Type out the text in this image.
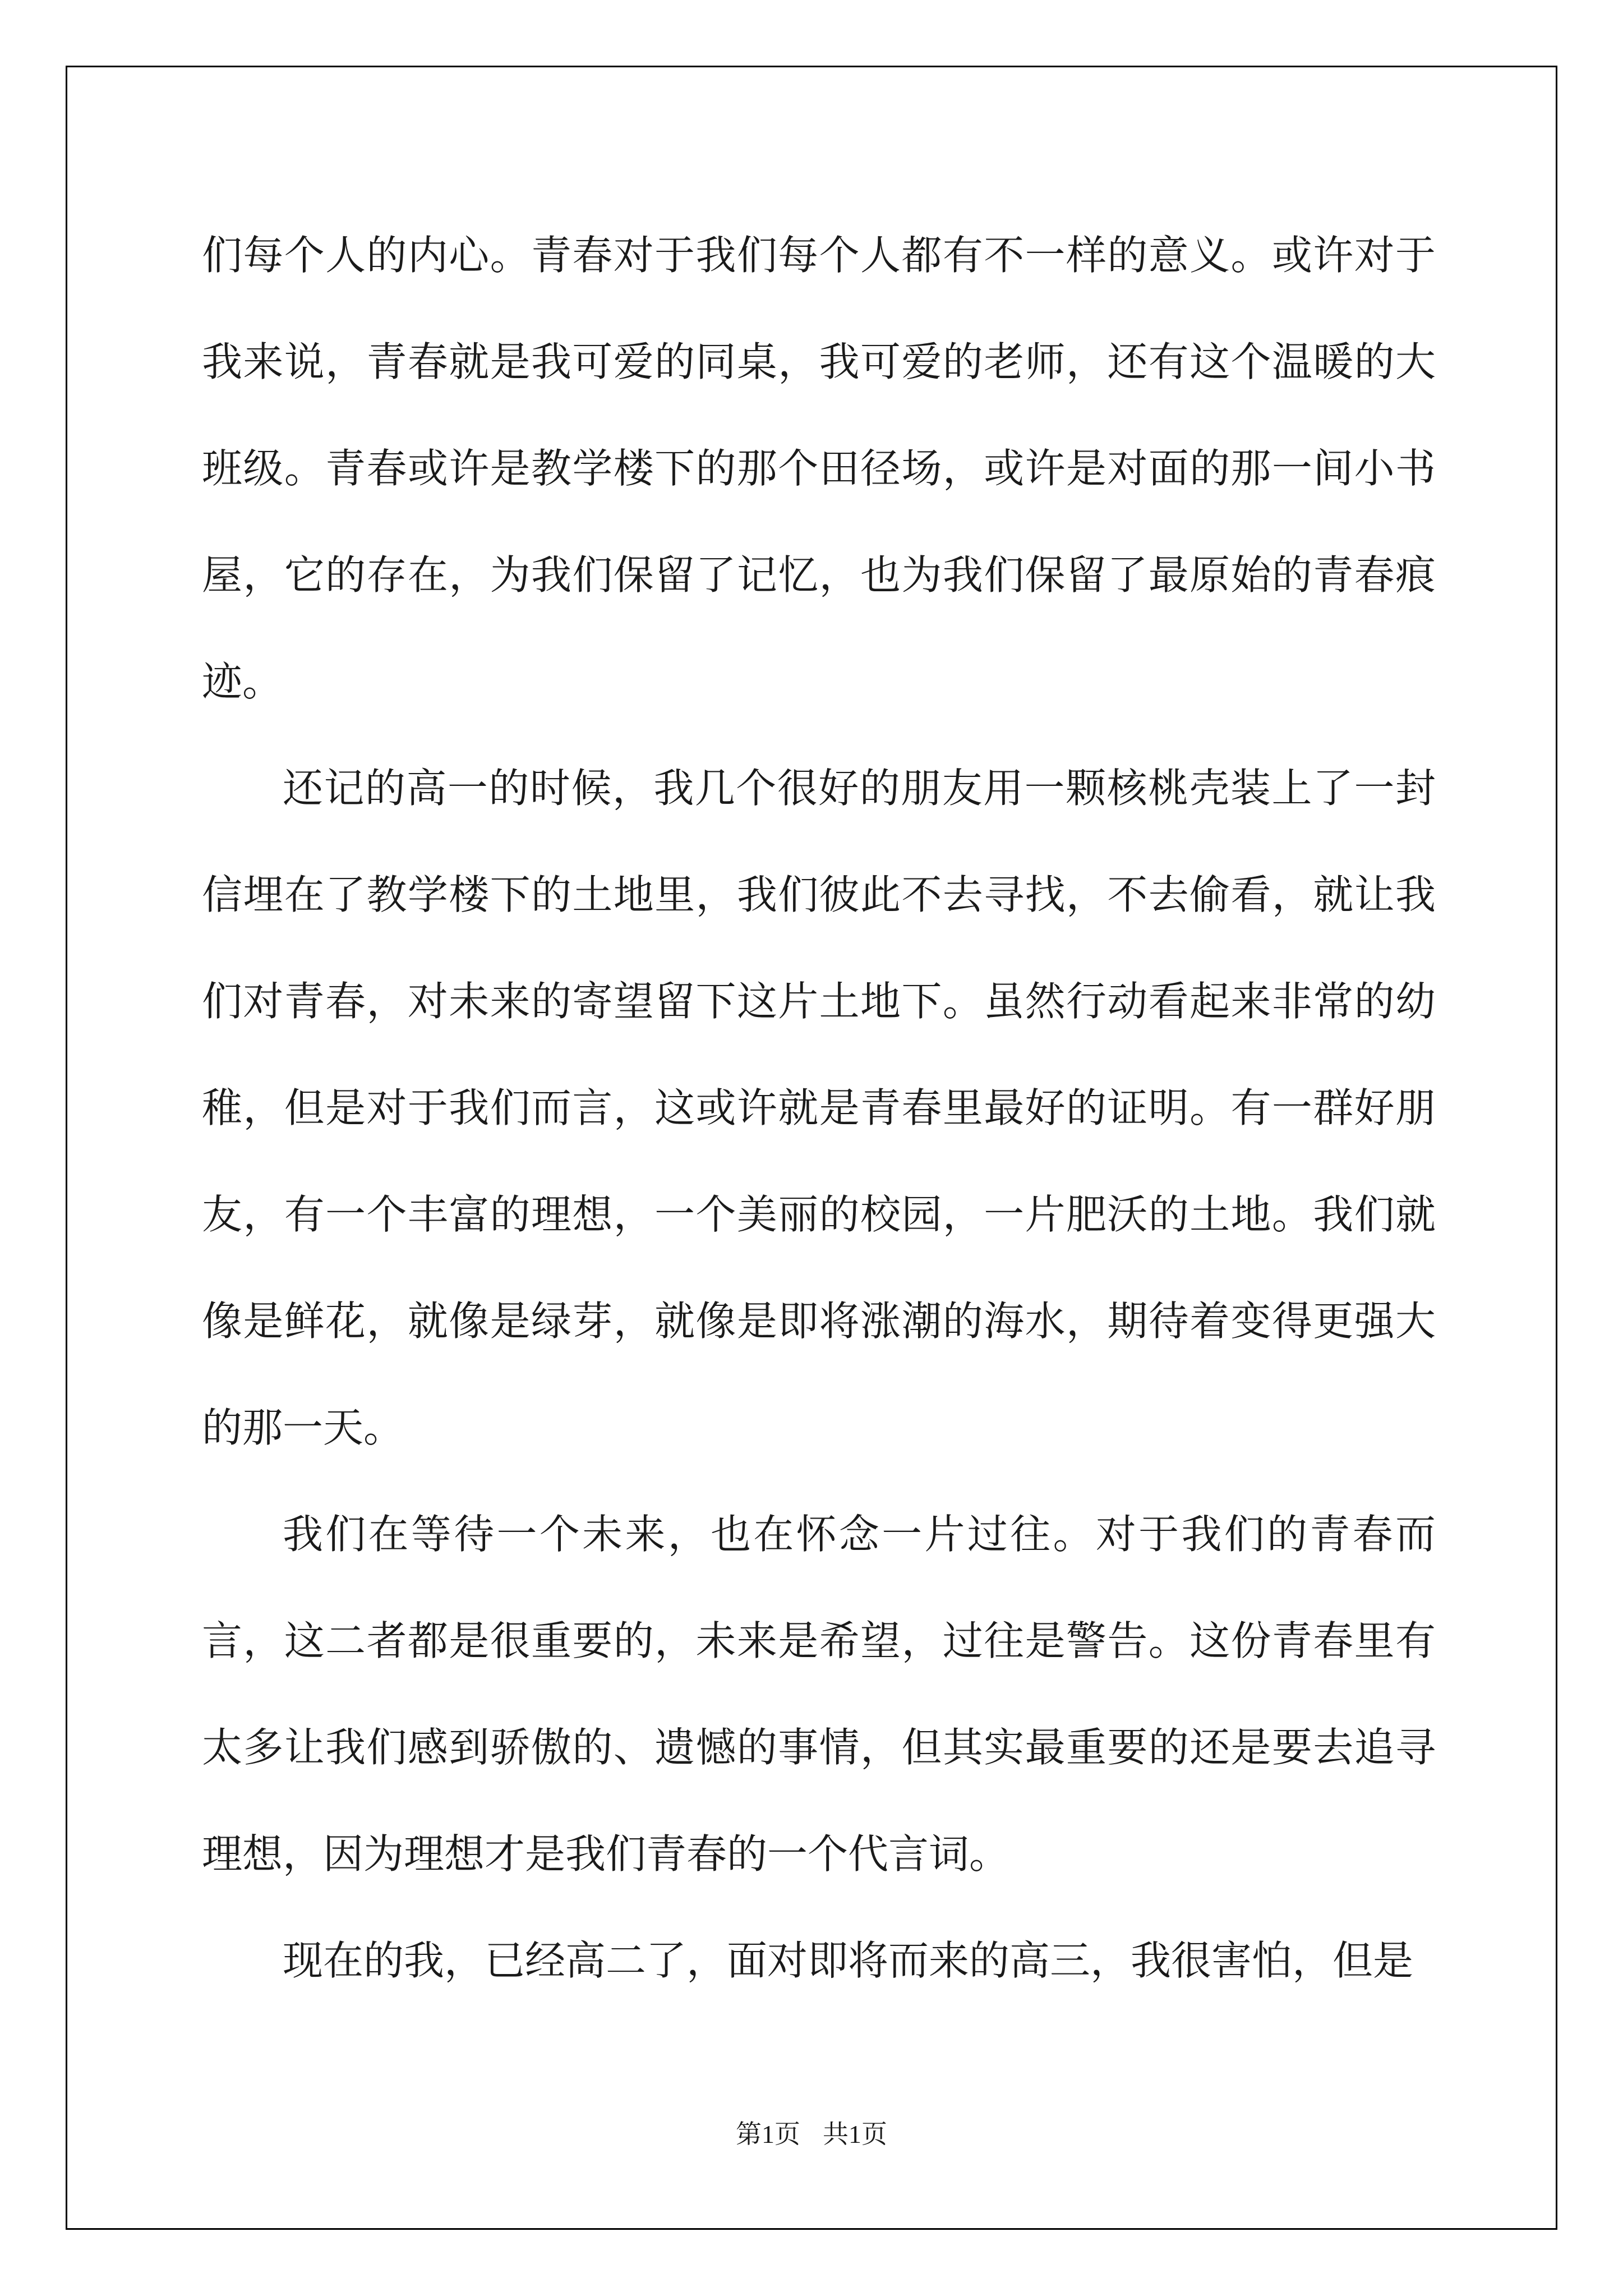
们每个人的内心。青春对于我们每个人都有不一样的意义。或许对于我来说，青春就是我可爱的同桌，我可爱的老师，还有这个温暖的大班级。青春或许是教学楼下的那个田径场，或许是对面的那一间小书屋，它的存在，为我们保留了记忆，也为我们保留了最原始的青春痕迹。

还记的高一的时候，我几个很好的朋友用一颗核桃壳装上了一封信埋在了教学楼下的土地里，我们彼此不去寻找，不去偷看，就让我们对青春，对未来的寄望留下这片土地下。虽然行动看起来非常的幼稚，但是对于我们而言，这或许就是青春里最好的证明。有一群好朋友，有一个丰富的理想，一个美丽的校园，一片肥沃的土地。我们就像是鲜花，就像是绿芽，就像是即将涨潮的海水，期待着变得更强大的那一天。

我们在等待一个未来，也在怀念一片过往。对于我们的青春而言，这二者都是很重要的，未来是希望，过往是警告。这份青春里有太多让我们感到骄傲的、遗憾的事情，但其实最重要的还是要去追寻理想，因为理想才是我们青春的一个代言词。

现在的我，已经高二了，面对即将而来的高三，我很害怕，但是

第1页 共1页
